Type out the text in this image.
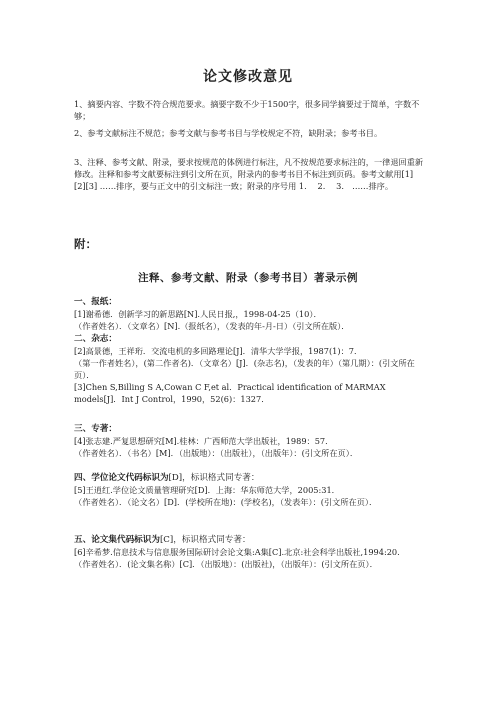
论文修改意见
1、摘要内容、字数不符合规范要求。摘要字数不少于1500字，很多同学摘要过于简单，字数不够；
2、参考文献标注不规范；参考文献与参考书目与学校规定不符，缺附录；参考书目。
3、注释、参考文献、附录，要求按规范的体例进行标注，凡不按规范要求标注的，一律退回重新修改。注释和参考文献要标注到引文所在页，附录内的参考书目不标注到页码。参考文献用[1][2][3] ……排序，要与正文中的引文标注一致；附录的序号用 1.　 2.　 3.　……排序。
附：
注释、参考文献、附录（参考书目）著录示例
一、报纸：
[1]谢希德．创新学习的新思路[N].人民日报,，1998-04-25（10）．
（作者姓名）．（文章名）[N].（报纸名），（发表的年-月-日）（引文所在版）．
二、杂志：
[2]高景德，王祥珩．交流电机的多回路理论[J]．清华大学学报，1987(1)：7．
（第一作者姓名），(第二作者名)．（文章名）[J]．(杂志名)，（发表的年）（第几期）：(引文所在页）．
[3]Chen S,Billing S A,Cowan C F,et al．Practical identification of MARMAX models[J]．Int J Control，1990，52(6)：1327．
三、专著：
[4]张志建.严复思想研究[M].桂林：广西师范大学出版社，1989：57．
（作者姓名）．（书名）[M]．（出版地）：（出版社），（出版年）：(引文所在页）．
四、学位论文代码标识为[D]，标识格式同专著：
[5]王逍红.学位论文质量管理研究[D]．上海：华东师范大学，2005:31．
（作者姓名）．（论文名）[D]．(学校所在地)：(学校名)，（发表年）：(引文所在页）．
五、论文集代码标识为[C]，标识格式同专著：
[6]辛希梦.信息技术与信息服务国际研讨会论文集:A集[C].北京:社会科学出版社,1994:20.
（作者姓名）．(论文集名称）[C]．（出版地）：(出版社)，（出版年）：(引文所在页）．
